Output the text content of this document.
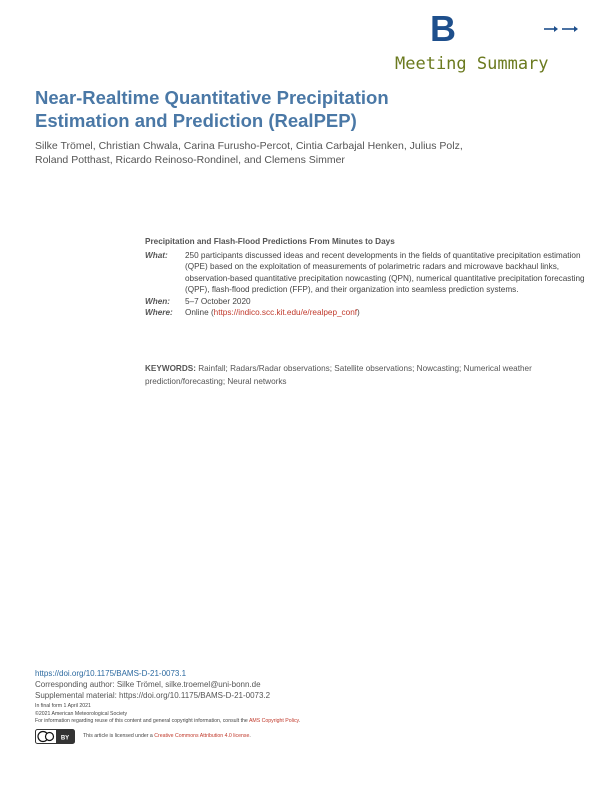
B
Meeting Summary
Near-Realtime Quantitative Precipitation Estimation and Prediction (RealPEP)

Silke Trömel, Christian Chwala, Carina Furusho-Percot, Cintia Carbajal Henken, Julius Polz, Roland Potthast, Ricardo Reinoso-Rondinel, and Clemens Simmer

Precipitation and Flash-Flood Predictions From Minutes to Days
What:	250 participants discussed ideas and recent developments in the fields of quantitative precipitation estimation (QPE) based on the exploitation of measurements of polarimetric radars and microwave backhaul links, observation-based quantitative precipitation nowcasting (QPN), numerical quantitative precipitation forecasting (QPF), flash-flood prediction (FFP), and their organization into seamless prediction systems.
When:	5–7 October 2020
Where:	Online (https://indico.scc.kit.edu/e/realpep_conf)

KEYWORDS: Rainfall; Radars/Radar observations; Satellite observations; Nowcasting; Numerical weather prediction/forecasting; Neural networks

https://doi.org/10.1175/BAMS-D-21-0073.1
Corresponding author: Silke Trömel, silke.troemel@uni-bonn.de
Supplemental material: https://doi.org/10.1175/BAMS-D-21-0073.2
In final form 1 April 2021
©2021 American Meteorological Society
For information regarding reuse of this content and general copyright information, consult the AMS Copyright Policy.
BY	This article is licensed under a Creative Commons Attribution 4.0 license.
